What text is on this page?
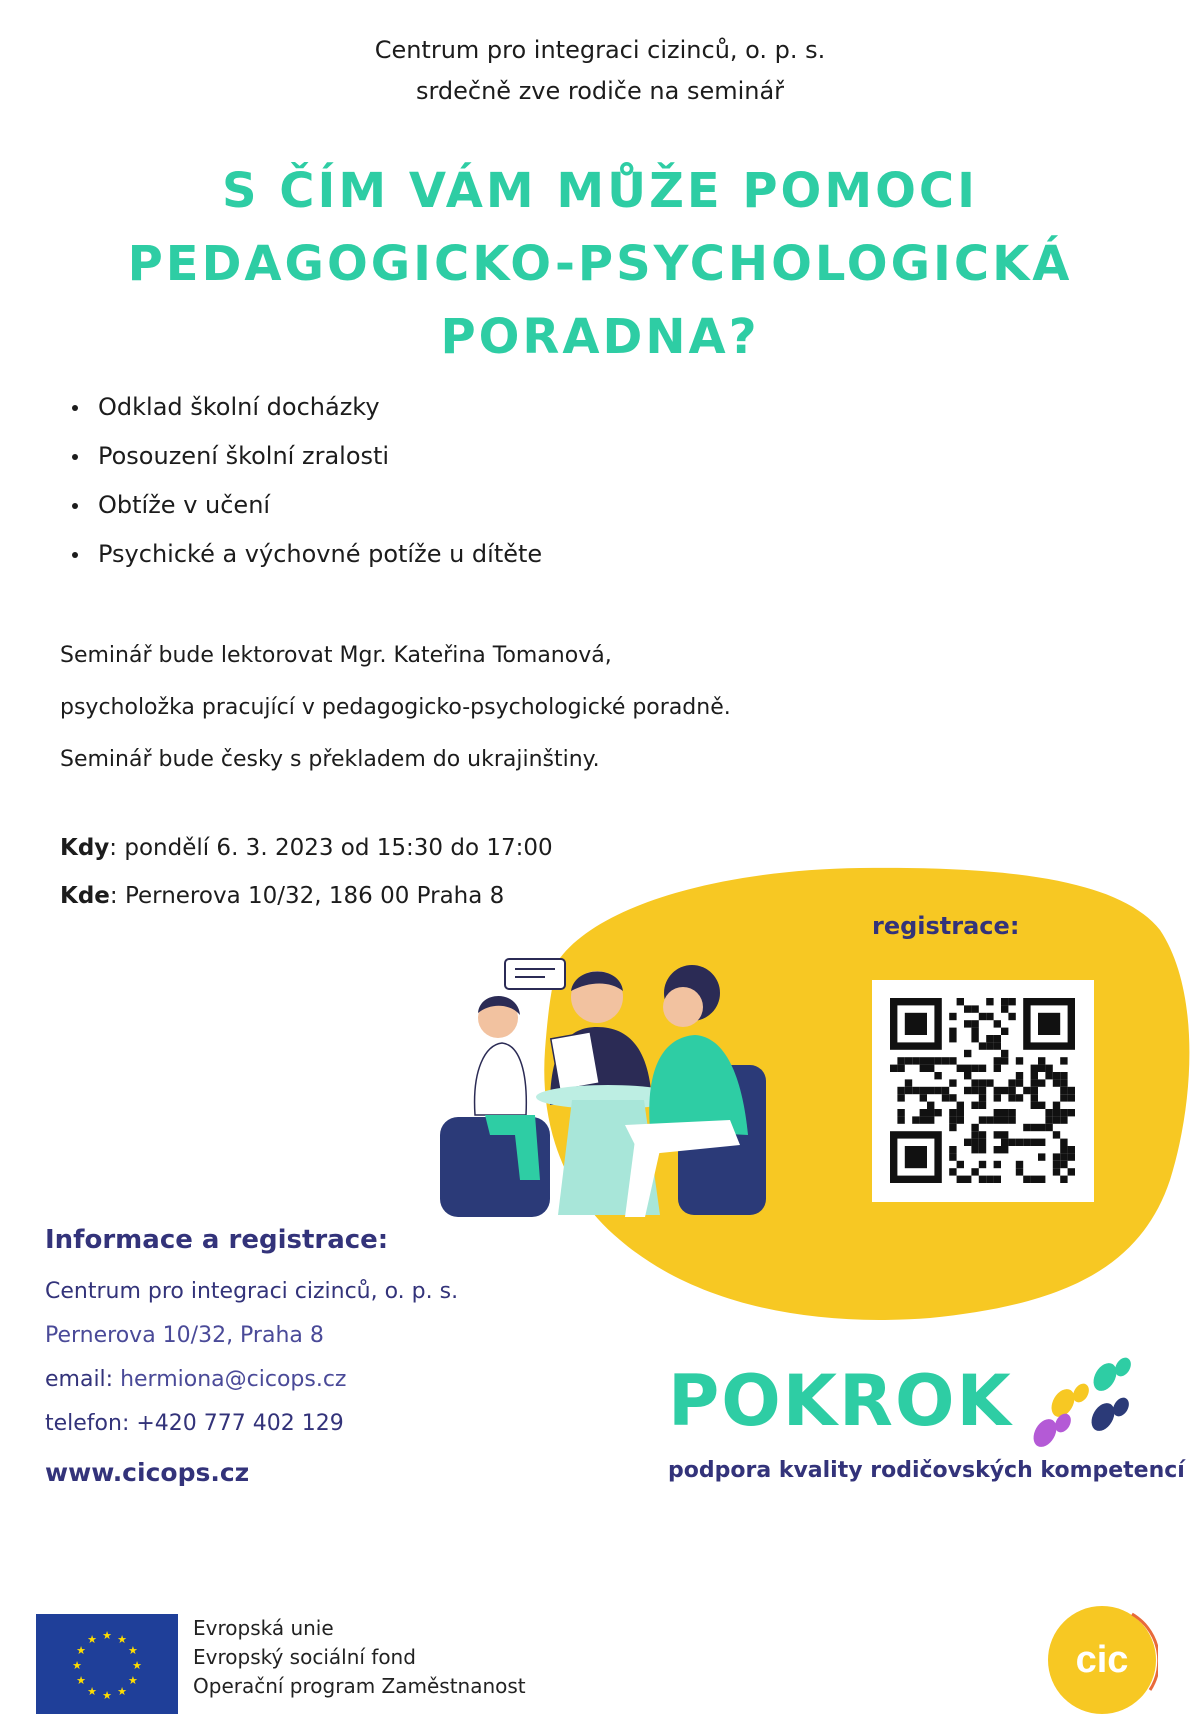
Centrum pro integraci cizinců, o. p. s.
srdečně zve rodiče na seminář
S ČÍM VÁM MŮŽE POMOCI
PEDAGOGICKO-PSYCHOLOGICKÁ
PORADNA?
Odklad školní docházky
Posouzení školní zralosti
Obtíže v učení
Psychické a výchovné potíže u dítěte
Seminář bude lektorovat Mgr. Kateřina Tomanová,
psycholožka pracující v pedagogicko-psychologické poradně.
Seminář bude česky s překladem do ukrajinštiny.
Kdy: pondělí 6. 3. 2023 od 15:30 do 17:00
Kde: Pernerova 10/32, 186 00 Praha 8
registrace:
Informace a registrace:
Centrum pro integraci cizinců, o. p. s.
Pernerova 10/32, Praha 8
email: hermiona@cicops.cz
telefon: +420 777 402 129
www.cicops.cz
POKROK
podpora kvality rodičovských kompetencí
★ ★
★
★
★
★
★
★
★
★
★
★	Evropská unie
Evropský sociální fond
Operační program Zaměstnanost
cic
